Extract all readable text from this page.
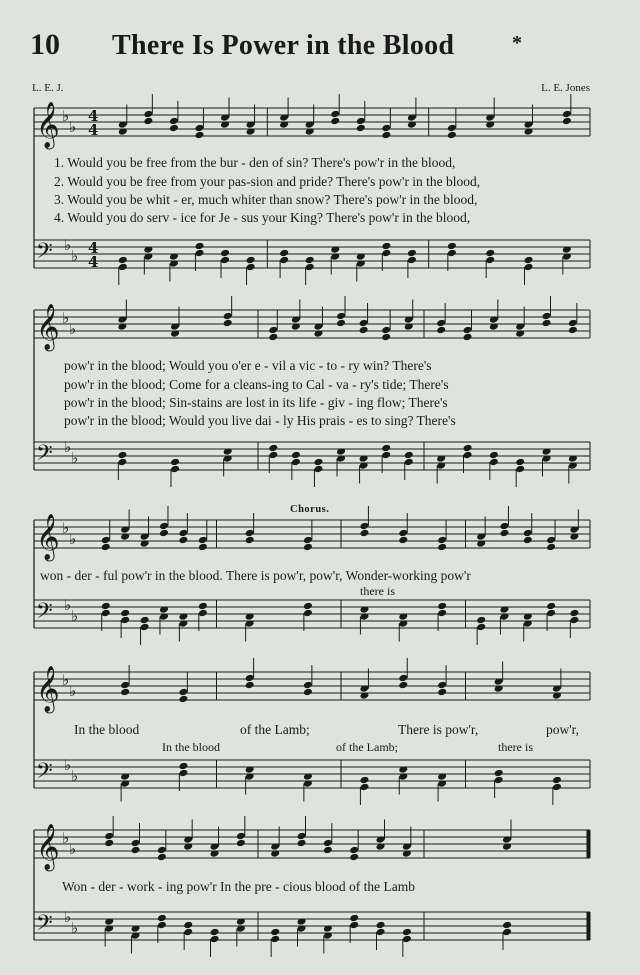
10 There Is Power in the Blood	*
L. E. J.	L. E. Jones
𝄞 ♭
♭
𝄢 ♭
♭
4
4
4
4
𝄞 ♭
♭
𝄢 ♭
♭
𝄞 ♭
♭
𝄢 ♭
♭
𝄞 ♭
♭
𝄢 ♭
♭
𝄞 ♭
♭
𝄢 ♭
♭
1. Would you be free from the bur - den of sin? There's pow'r in the blood,
2. Would you be free from your pas-sion and pride? There's pow'r in the blood,
3. Would you be whit - er, much whiter than snow? There's pow'r in the blood,
4. Would you do serv - ice for Je - sus your King? There's pow'r in the blood,
pow'r in the blood; Would you o'er e - vil a vic - to - ry win? There's
pow'r in the blood; Come for a cleans-ing to Cal - va - ry's tide; There's
pow'r in the blood; Sin-stains are lost in its life - giv - ing flow; There's
pow'r in the blood; Would you live dai - ly His prais - es to sing? There's
Chorus.
won - der - ful pow'r in the blood. There is pow'r, pow'r, Wonder-working pow'r
there is
In the blood	of the Lamb;	There is pow'r,	pow'r,
In the blood	of the Lamb;	there is
Won - der - work - ing pow'r In the pre - cious blood of the Lamb
